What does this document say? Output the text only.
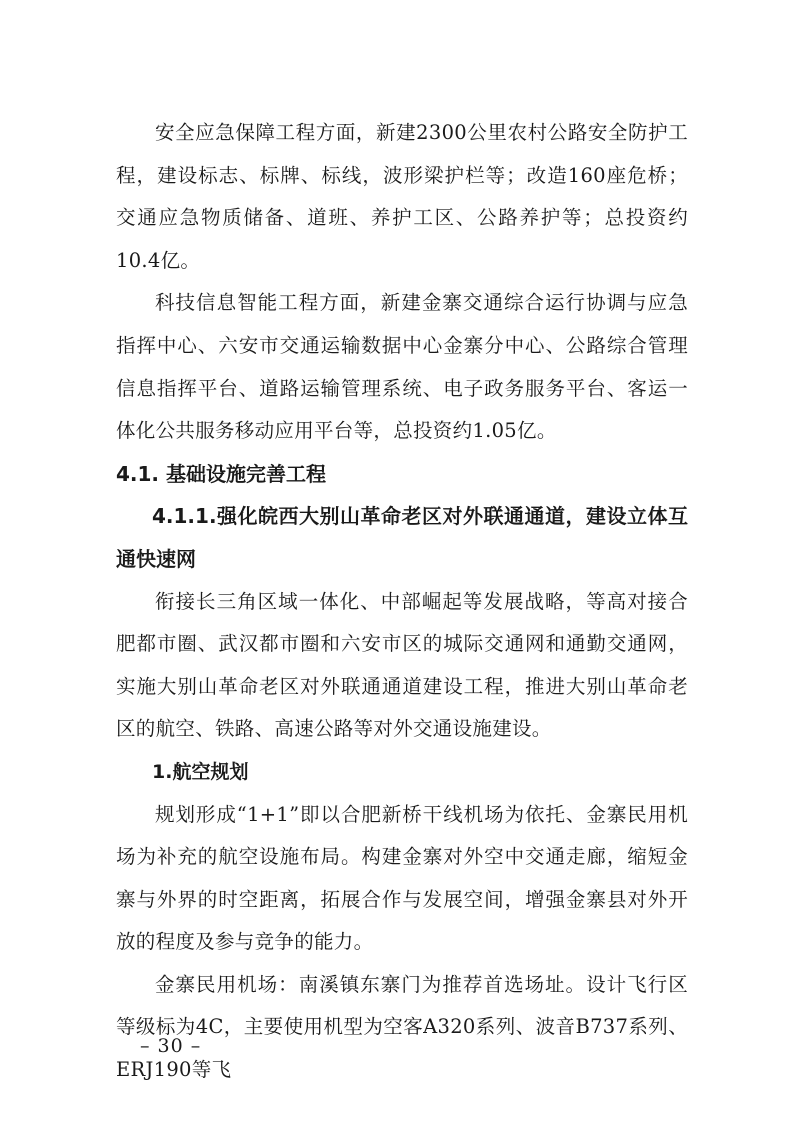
安全应急保障工程方面，新建2300公里农村公路安全防护工程，建设标志、标牌、标线，波形梁护栏等；改造160座危桥；交通应急物质储备、道班、养护工区、公路养护等；总投资约10.4亿。

科技信息智能工程方面，新建金寨交通综合运行协调与应急指挥中心、六安市交通运输数据中心金寨分中心、公路综合管理信息指挥平台、道路运输管理系统、电子政务服务平台、客运一体化公共服务移动应用平台等，总投资约1.05亿。

4.1. 基础设施完善工程

4.1.1.强化皖西大别山革命老区对外联通通道，建设立体互通快速网

衔接长三角区域一体化、中部崛起等发展战略，等高对接合肥都市圈、武汉都市圈和六安市区的城际交通网和通勤交通网，实施大别山革命老区对外联通通道建设工程，推进大别山革命老区的航空、铁路、高速公路等对外交通设施建设。

1.航空规划

规划形成“1+1”即以合肥新桥干线机场为依托、金寨民用机场为补充的航空设施布局。构建金寨对外空中交通走廊，缩短金寨与外界的时空距离，拓展合作与发展空间，增强金寨县对外开放的程度及参与竞争的能力。

金寨民用机场：南溪镇东寨门为推荐首选场址。设计飞行区等级标为4C，主要使用机型为空客A320系列、波音B737系列、ERJ190等飞

– 30 –
